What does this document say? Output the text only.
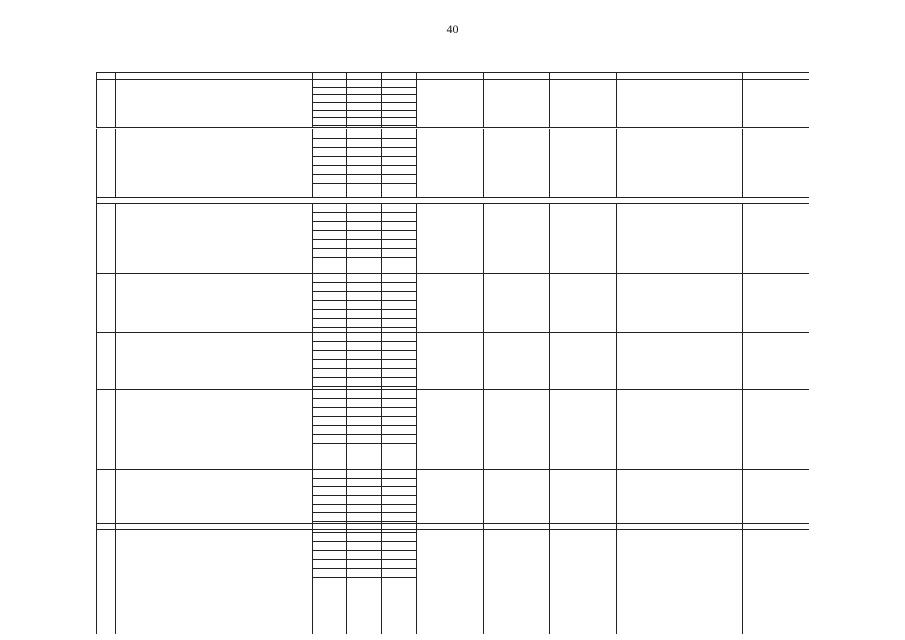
40
